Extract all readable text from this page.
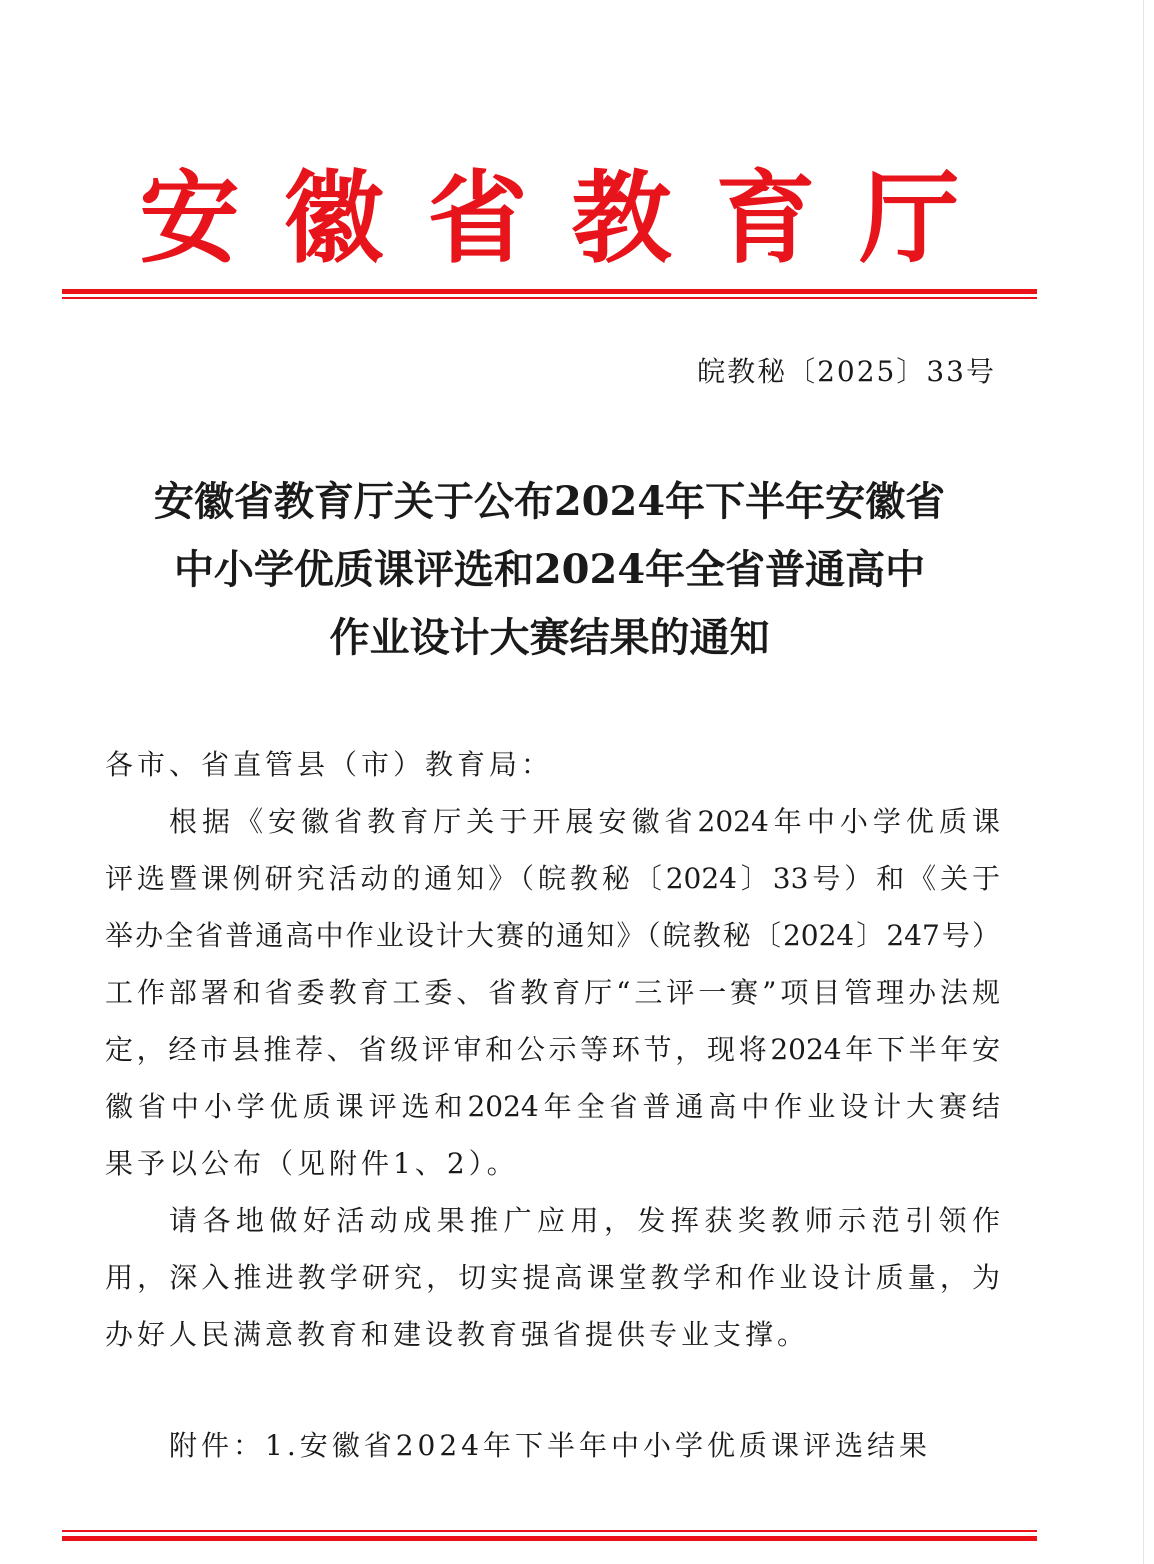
安徽省教育厅
皖教秘〔2025〕33号
安徽省教育厅关于公布2024年下半年安徽省
中小学优质课评选和2024年全省普通高中
作业设计大赛结果的通知
各市、省直管县（市）教育局：
根据《安徽省教育厅关于开展安徽省2024年中小学优质课
评选暨课例研究活动的通知》（皖教秘〔2024〕33号）和《关于
举办全省普通高中作业设计大赛的通知》（皖教秘〔2024〕247号）
工作部署和省委教育工委、省教育厅“三评一赛”项目管理办法规
定，经市县推荐、省级评审和公示等环节，现将2024年下半年安
徽省中小学优质课评选和2024年全省普通高中作业设计大赛结
果予以公布（见附件1、2）。
请各地做好活动成果推广应用，发挥获奖教师示范引领作
用，深入推进教学研究，切实提高课堂教学和作业设计质量，为
办好人民满意教育和建设教育强省提供专业支撑。
附件：1.安徽省2024年下半年中小学优质课评选结果
